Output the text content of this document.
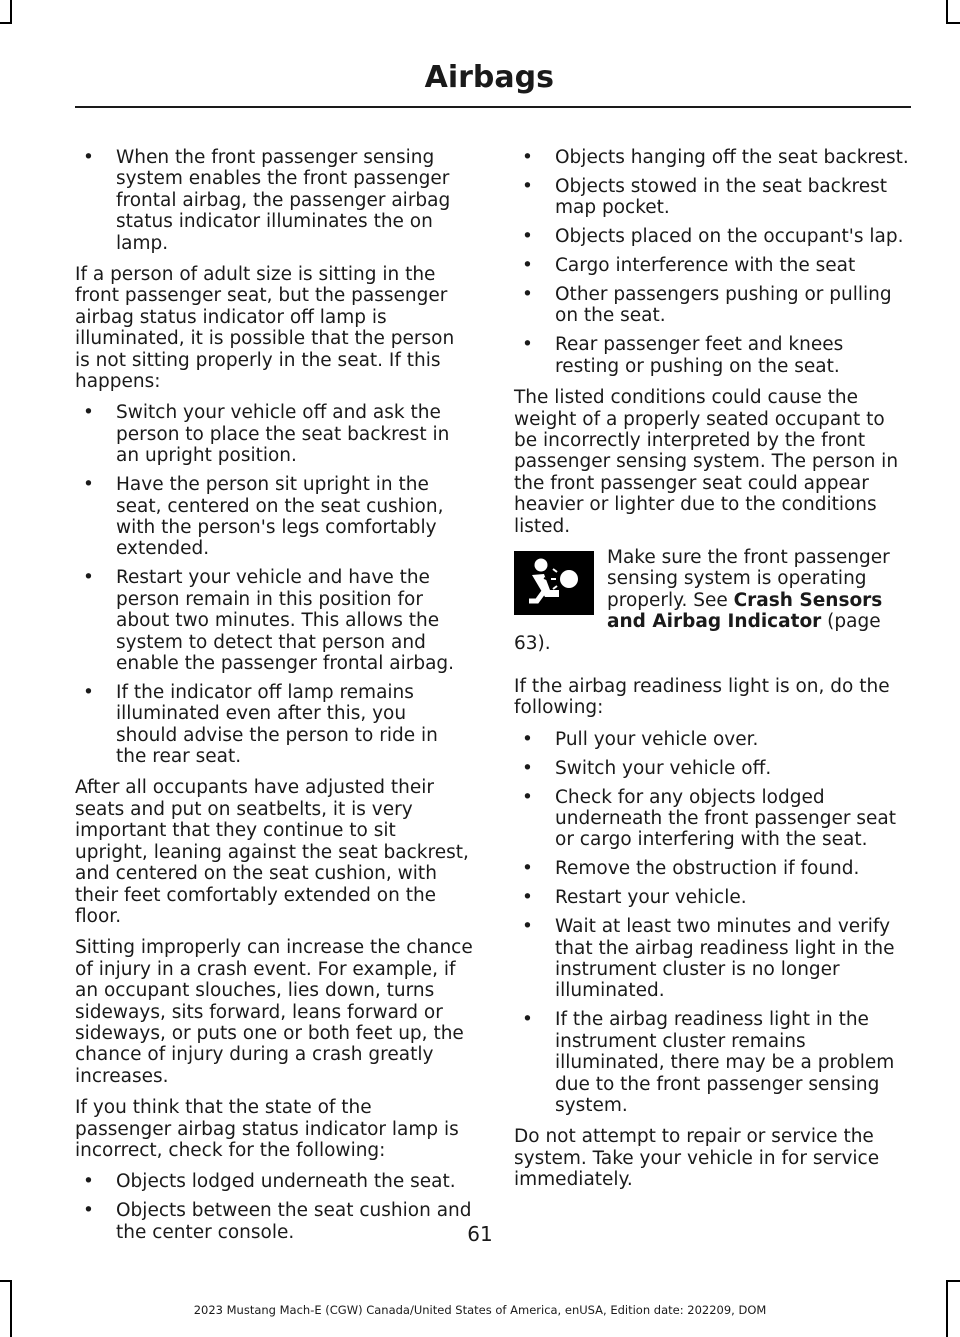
Airbags
• When the front passenger sensing system enables the front passenger frontal airbag, the passenger airbag status indicator illuminates the on lamp.

If a person of adult size is sitting in the front passenger seat, but the passenger airbag status indicator off lamp is illuminated, it is possible that the person is not sitting properly in the seat. If this happens:

• Switch your vehicle off and ask the person to place the seat backrest in an upright position.
• Have the person sit upright in the seat, centered on the seat cushion, with the person's legs comfortably extended.
• Restart your vehicle and have the person remain in this position for about two minutes. This allows the system to detect that person and enable the passenger frontal airbag.
• If the indicator off lamp remains illuminated even after this, you should advise the person to ride in the rear seat.

After all occupants have adjusted their seats and put on seatbelts, it is very important that they continue to sit upright, leaning against the seat backrest, and centered on the seat cushion, with their feet comfortably extended on the floor.

Sitting improperly can increase the chance of injury in a crash event. For example, if an occupant slouches, lies down, turns sideways, sits forward, leans forward or sideways, or puts one or both feet up, the chance of injury during a crash greatly increases.

If you think that the state of the passenger airbag status indicator lamp is incorrect, check for the following:

• Objects lodged underneath the seat.
• Objects between the seat cushion and the center console.
• Objects hanging off the seat backrest.
• Objects stowed in the seat backrest map pocket.
• Objects placed on the occupant's lap.
• Cargo interference with the seat
• Other passengers pushing or pulling on the seat.
• Rear passenger feet and knees resting or pushing on the seat.

The listed conditions could cause the weight of a properly seated occupant to be incorrectly interpreted by the front passenger sensing system. The person in the front passenger seat could appear heavier or lighter due to the conditions listed.

Make sure the front passenger sensing system is operating properly. See Crash Sensors and Airbag Indicator (page 63).

If the airbag readiness light is on, do the following:

• Pull your vehicle over.
• Switch your vehicle off.
• Check for any objects lodged underneath the front passenger seat or cargo interfering with the seat.
• Remove the obstruction if found.
• Restart your vehicle.
• Wait at least two minutes and verify that the airbag readiness light in the instrument cluster is no longer illuminated.
• If the airbag readiness light in the instrument cluster remains illuminated, there may be a problem due to the front passenger sensing system.

Do not attempt to repair or service the system. Take your vehicle in for service immediately.

61

2023 Mustang Mach-E (CGW) Canada/United States of America, enUSA, Edition date: 202209, DOM
